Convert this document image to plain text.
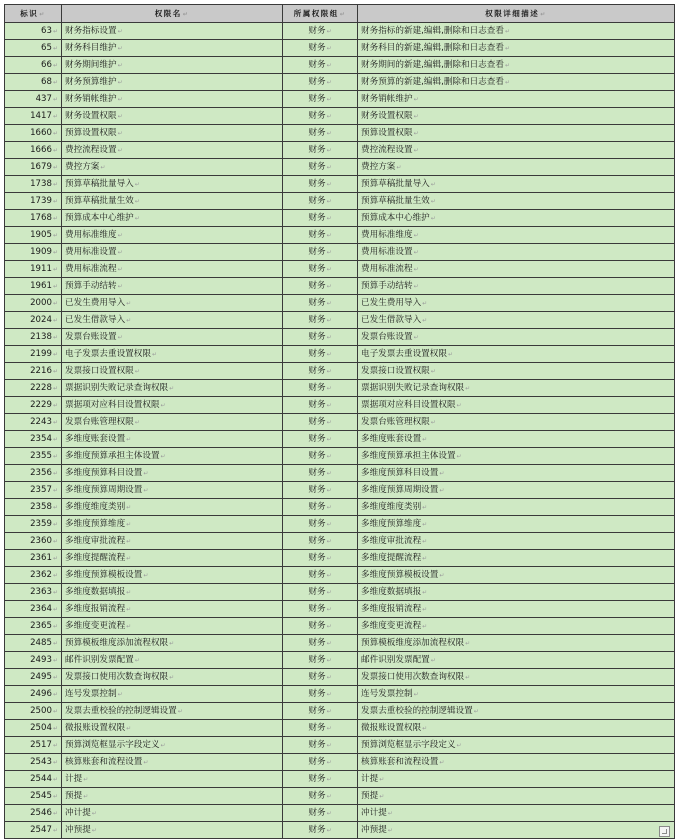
标识↵	权限名↵	所属权限组↵	权限详细描述↵
63↵	财务指标设置↵	财务↵	财务指标的新建,编辑,删除和日志查看↵
65↵	财务科目维护↵	财务↵	财务科目的新建,编辑,删除和日志查看↵
66↵	财务期间维护↵	财务↵	财务期间的新建,编辑,删除和日志查看↵
68↵	财务预算维护↵	财务↵	财务预算的新建,编辑,删除和日志查看↵
437↵	财务销帐维护↵	财务↵	财务销帐维护↵
1417↵	财务设置权限↵	财务↵	财务设置权限↵
1660↵	预算设置权限↵	财务↵	预算设置权限↵
1666↵	费控流程设置↵	财务↵	费控流程设置↵
1679↵	费控方案↵	财务↵	费控方案↵
1738↵	预算草稿批量导入↵	财务↵	预算草稿批量导入↵
1739↵	预算草稿批量生效↵	财务↵	预算草稿批量生效↵
1768↵	预算成本中心维护↵	财务↵	预算成本中心维护↵
1905↵	费用标准维度↵	财务↵	费用标准维度↵
1909↵	费用标准设置↵	财务↵	费用标准设置↵
1911↵	费用标准流程↵	财务↵	费用标准流程↵
1961↵	预算手动结转↵	财务↵	预算手动结转↵
2000↵	已发生费用导入↵	财务↵	已发生费用导入↵
2024↵	已发生借款导入↵	财务↵	已发生借款导入↵
2138↵	发票台账设置↵	财务↵	发票台账设置↵
2199↵	电子发票去重设置权限↵	财务↵	电子发票去重设置权限↵
2216↵	发票接口设置权限↵	财务↵	发票接口设置权限↵
2228↵	票据识别失败记录查询权限↵	财务↵	票据识别失败记录查询权限↵
2229↵	票据项对应科目设置权限↵	财务↵	票据项对应科目设置权限↵
2243↵	发票台账管理权限↵	财务↵	发票台账管理权限↵
2354↵	多维度账套设置↵	财务↵	多维度账套设置↵
2355↵	多维度预算承担主体设置↵	财务↵	多维度预算承担主体设置↵
2356↵	多维度预算科目设置↵	财务↵	多维度预算科目设置↵
2357↵	多维度预算周期设置↵	财务↵	多维度预算周期设置↵
2358↵	多维度维度类别↵	财务↵	多维度维度类别↵
2359↵	多维度预算维度↵	财务↵	多维度预算维度↵
2360↵	多维度审批流程↵	财务↵	多维度审批流程↵
2361↵	多维度提醒流程↵	财务↵	多维度提醒流程↵
2362↵	多维度预算模板设置↵	财务↵	多维度预算模板设置↵
2363↵	多维度数据填报↵	财务↵	多维度数据填报↵
2364↵	多维度报销流程↵	财务↵	多维度报销流程↵
2365↵	多维度变更流程↵	财务↵	多维度变更流程↵
2485↵	预算模板维度添加流程权限↵	财务↵	预算模板维度添加流程权限↵
2493↵	邮件识别发票配置↵	财务↵	邮件识别发票配置↵
2495↵	发票接口使用次数查询权限↵	财务↵	发票接口使用次数查询权限↵
2496↵	连号发票控制↵	财务↵	连号发票控制↵
2500↵	发票去重校验的控制逻辑设置↵	财务↵	发票去重校验的控制逻辑设置↵
2504↵	微报账设置权限↵	财务↵	微报账设置权限↵
2517↵	预算浏览框显示字段定义↵	财务↵	预算浏览框显示字段定义↵
2543↵	核算账套和流程设置↵	财务↵	核算账套和流程设置↵
2544↵	计提↵	财务↵	计提↵
2545↵	预提↵	财务↵	预提↵
2546↵	冲计提↵	财务↵	冲计提↵
2547↵	冲预提↵	财务↵	冲预提↵
